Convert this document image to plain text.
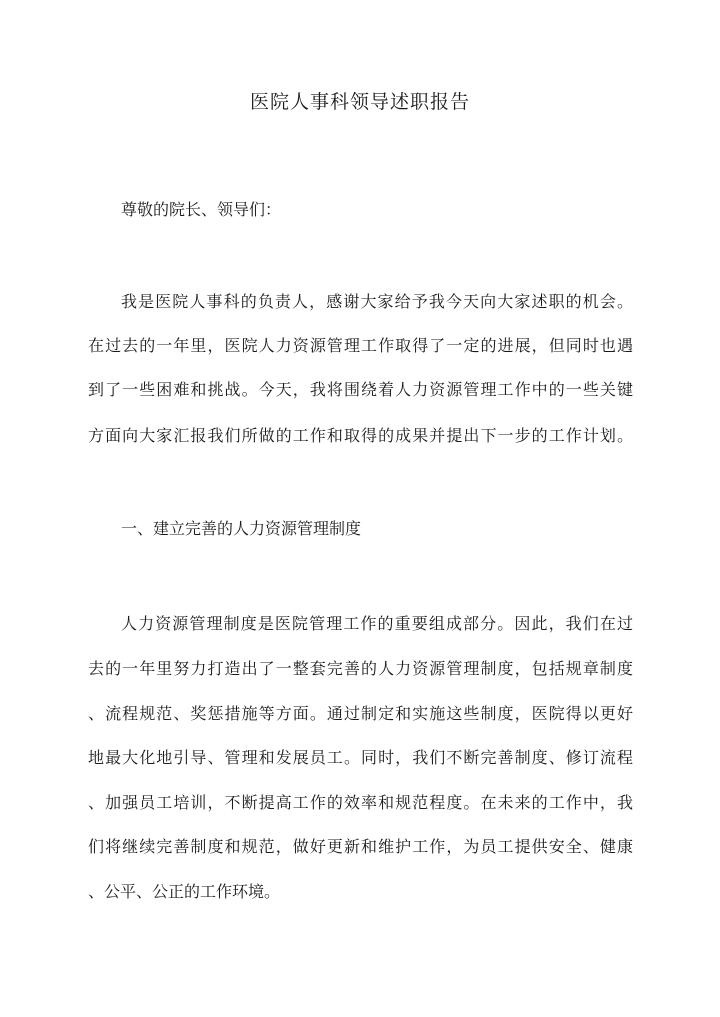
医院人事科领导述职报告
尊敬的院长、领导们：
我是医院人事科的负责人，感谢大家给予我今天向大家述职的机会。
在过去的一年里，医院人力资源管理工作取得了一定的进展，但同时也遇
到了一些困难和挑战。今天，我将围绕着人力资源管理工作中的一些关键
方面向大家汇报我们所做的工作和取得的成果并提出下一步的工作计划。
一、建立完善的人力资源管理制度
人力资源管理制度是医院管理工作的重要组成部分。因此，我们在过
去的一年里努力打造出了一整套完善的人力资源管理制度，包括规章制度
、流程规范、奖惩措施等方面。通过制定和实施这些制度，医院得以更好
地最大化地引导、管理和发展员工。同时，我们不断完善制度、修订流程
、加强员工培训，不断提高工作的效率和规范程度。在未来的工作中，我
们将继续完善制度和规范，做好更新和维护工作，为员工提供安全、健康
、公平、公正的工作环境。
